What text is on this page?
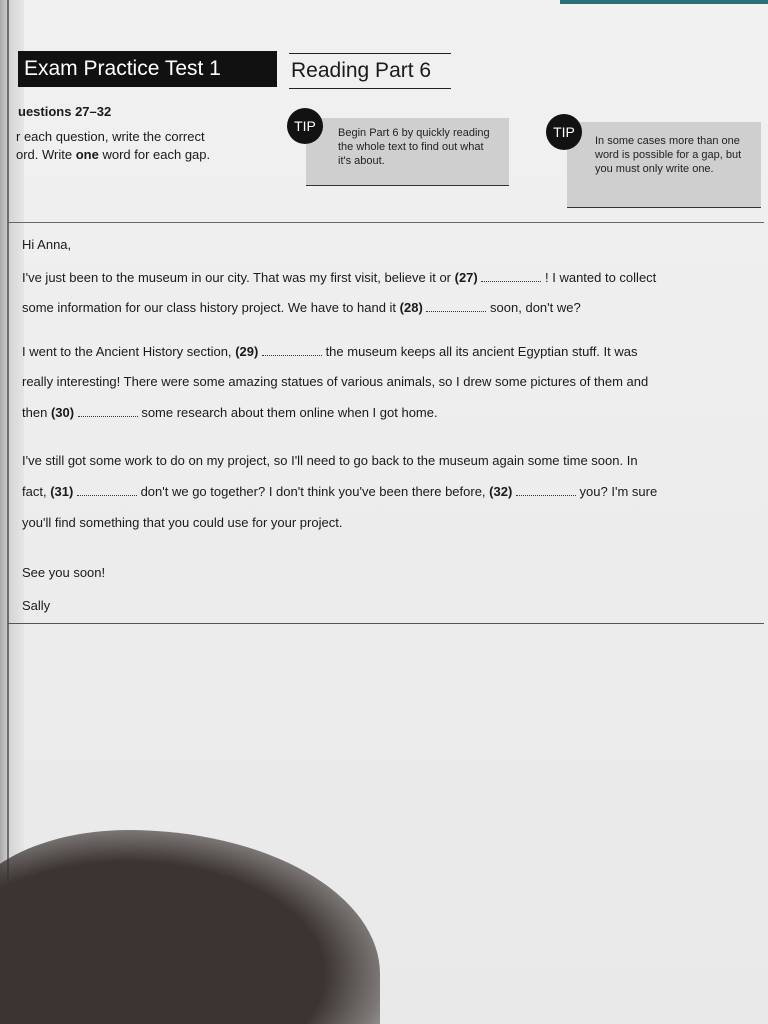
Exam Practice Test 1	Reading Part 6
uestions 27–32
r each question, write the correct
ord. Write one word for each gap.
Begin Part 6 by quickly reading the whole text to find out what it's about.
TIP
In some cases more than one word is possible for a gap, but you must only write one.
TIP
Hi Anna,
I've just been to the museum in our city. That was my first visit, believe it or (27)	! I wanted to collect
some information for our class history project. We have to hand it (28)	soon, don't we?
I went to the Ancient History section, (29)	the museum keeps all its ancient Egyptian stuff. It was
really interesting! There were some amazing statues of various animals, so I drew some pictures of them and
then (30)	some research about them online when I got home.
I've still got some work to do on my project, so I'll need to go back to the museum again some time soon. In
fact, (31)	don't we go together? I don't think you've been there before, (32)	you? I'm sure
you'll find something that you could use for your project.
See you soon!
Sally
